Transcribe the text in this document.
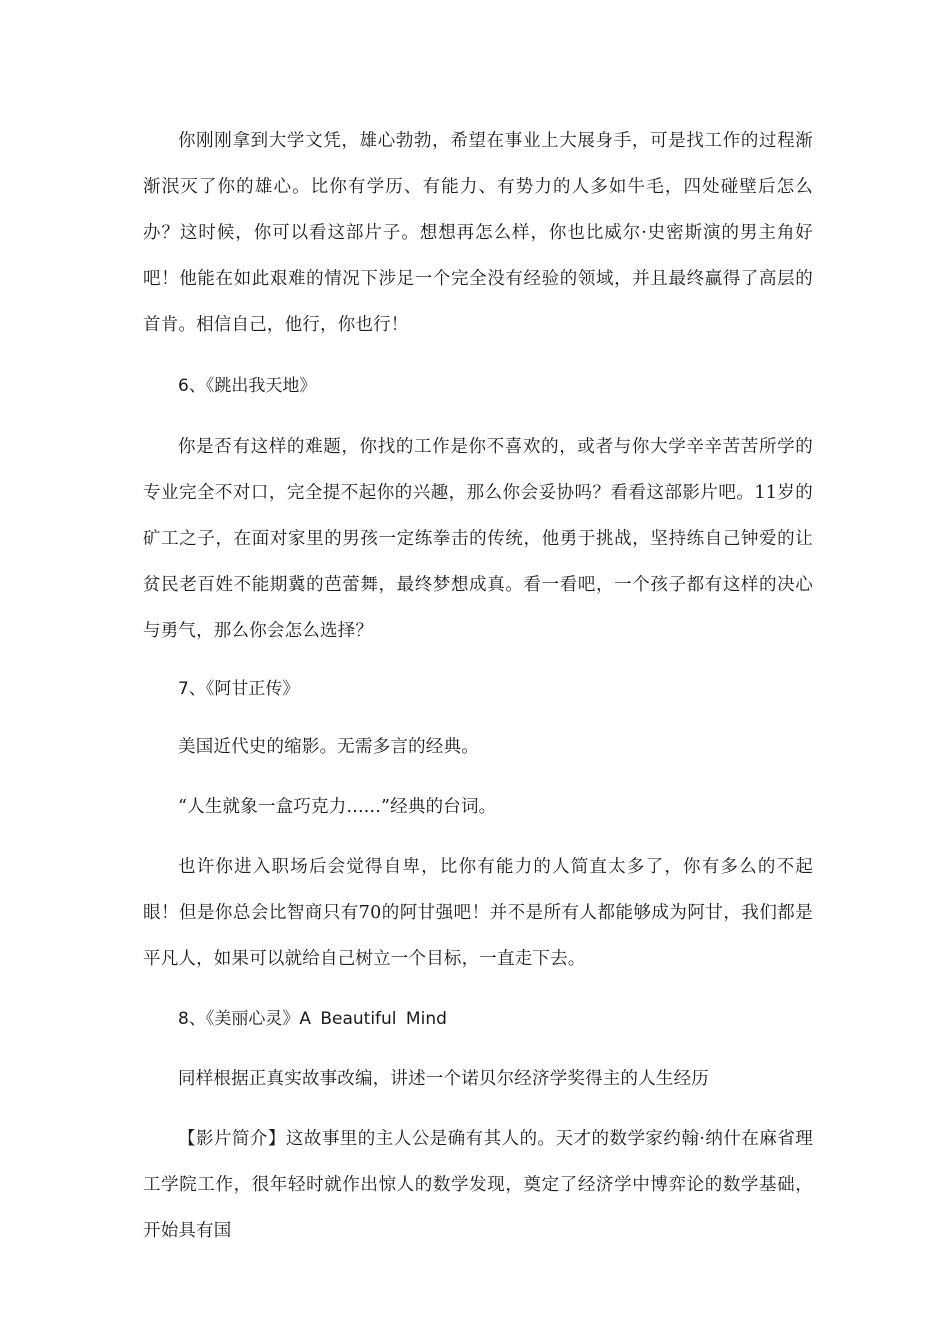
你刚刚拿到大学文凭，雄心勃勃，希望在事业上大展身手，可是找工作的过程渐渐泯灭了你的雄心。比你有学历、有能力、有势力的人多如牛毛，四处碰壁后怎么办？这时候，你可以看这部片子。想想再怎么样，你也比威尔·史密斯演的男主角好吧！他能在如此艰难的情况下涉足一个完全没有经验的领域，并且最终赢得了高层的首肯。相信自己，他行，你也行！

6、《跳出我天地》

你是否有这样的难题，你找的工作是你不喜欢的，或者与你大学辛辛苦苦所学的专业完全不对口，完全提不起你的兴趣，那么你会妥协吗？看看这部影片吧。11岁的矿工之子，在面对家里的男孩一定练拳击的传统，他勇于挑战，坚持练自己钟爱的让贫民老百姓不能期冀的芭蕾舞，最终梦想成真。看一看吧，一个孩子都有这样的决心与勇气，那么你会怎么选择？

7、《阿甘正传》

美国近代史的缩影。无需多言的经典。

“人生就象一盒巧克力......”经典的台词。

也许你进入职场后会觉得自卑，比你有能力的人简直太多了，你有多么的不起眼！但是你总会比智商只有70的阿甘强吧！并不是所有人都能够成为阿甘，我们都是平凡人，如果可以就给自己树立一个目标，一直走下去。

8、《美丽心灵》A Beautiful Mind

同样根据正真实故事改编，讲述一个诺贝尔经济学奖得主的人生经历

【影片简介】这故事里的主人公是确有其人的。天才的数学家约翰·纳什在麻省理工学院工作，很年轻时就作出惊人的数学发现，奠定了经济学中博弈论的数学基础，开始具有国
